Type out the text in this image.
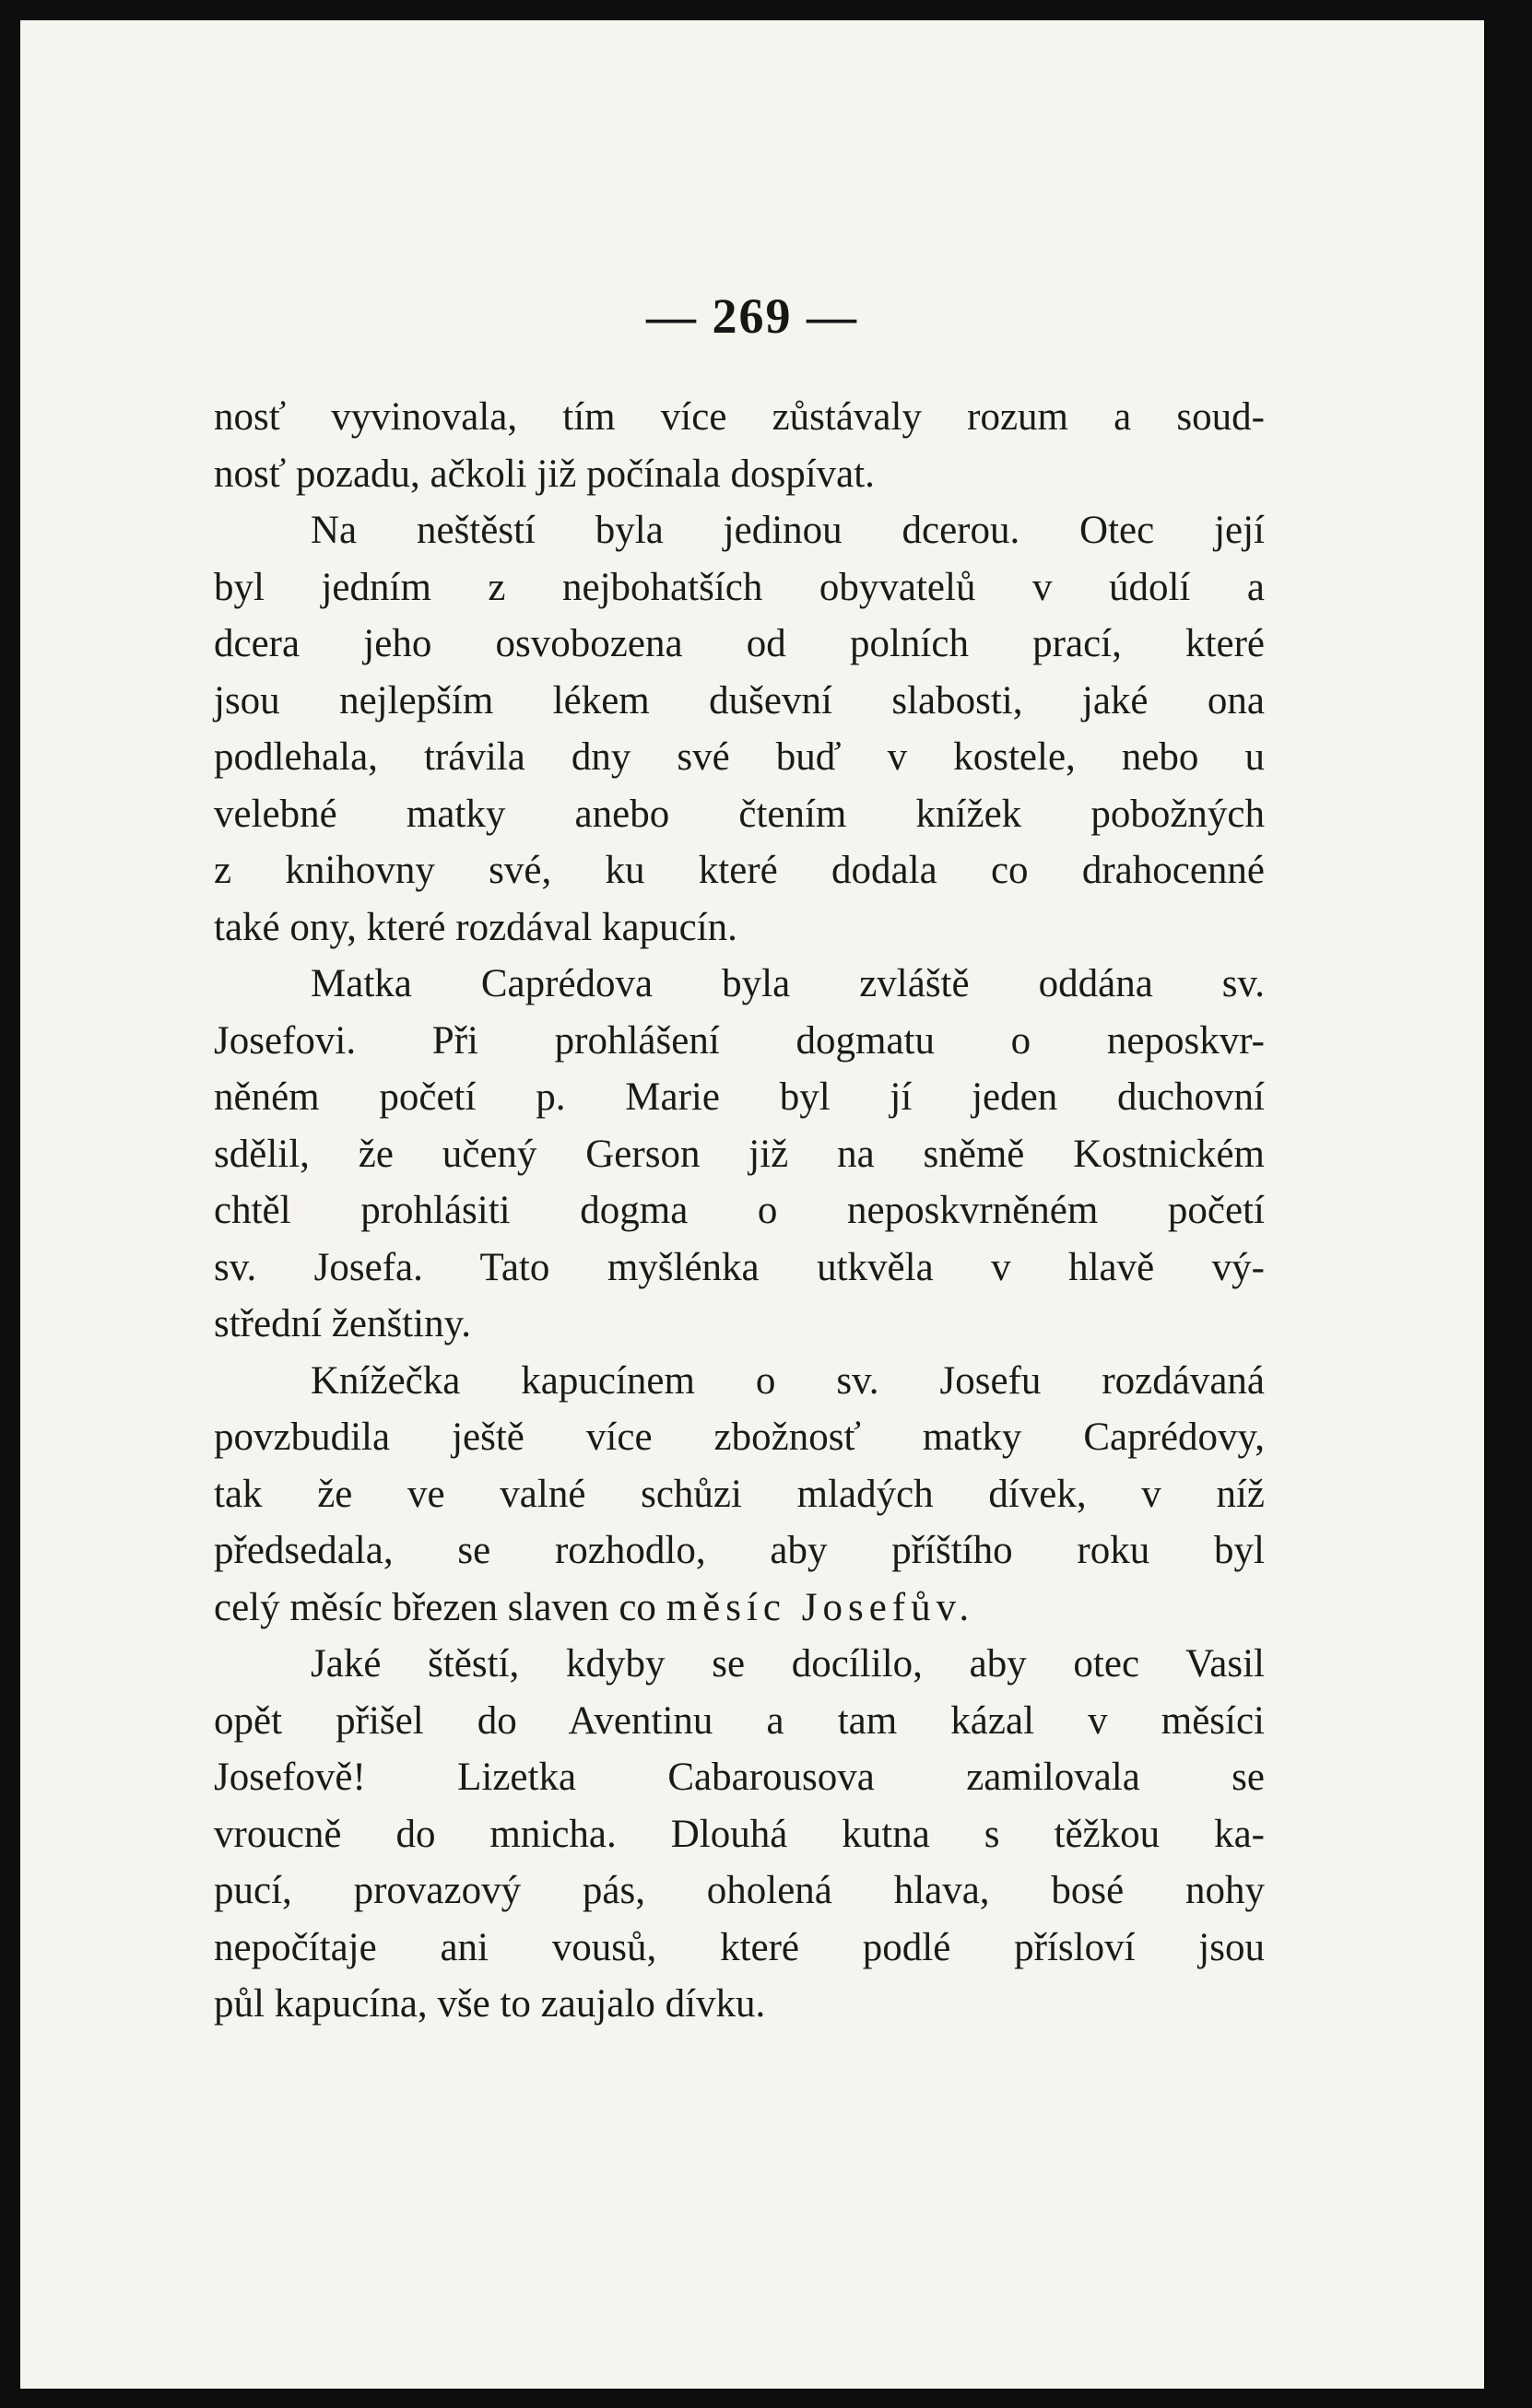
— 269 —
nosť vyvinovala, tím více zůstávaly rozum a soud-
nosť pozadu, ačkoli již počínala dospívat.
Na neštěstí byla jedinou dcerou. Otec její
byl jedním z nejbohatších obyvatelů v údolí a
dcera jeho osvobozena od polních prací, které
jsou nejlepším lékem duševní slabosti, jaké ona
podlehala, trávila dny své buď v kostele, nebo u
velebné matky anebo čtením knížek pobožných
z knihovny své, ku které dodala co drahocenné
také ony, které rozdával kapucín.
Matka Caprédova byla zvláště oddána sv.
Josefovi. Při prohlášení dogmatu o neposkvr-
něném početí p. Marie byl jí jeden duchovní
sdělil, že učený Gerson již na sněmě Kostnickém
chtěl prohlásiti dogma o neposkvrněném početí
sv. Josefa. Tato myšlénka utkvěla v hlavě vý-
střední ženštiny.
Knížečka kapucínem o sv. Josefu rozdávaná
povzbudila ještě více zbožnosť matky Caprédovy,
tak že ve valné schůzi mladých dívek, v níž
předsedala, se rozhodlo, aby příštího roku byl
celý měsíc březen slaven co měsíc Josefův.
Jaké štěstí, kdyby se docílilo, aby otec Vasil
opět přišel do Aventinu a tam kázal v měsíci
Josefově! Lizetka Cabarousova zamilovala se
vroucně do mnicha. Dlouhá kutna s těžkou ka-
pucí, provazový pás, oholená hlava, bosé nohy
nepočítaje ani vousů, které podlé přísloví jsou
půl kapucína, vše to zaujalo dívku.
